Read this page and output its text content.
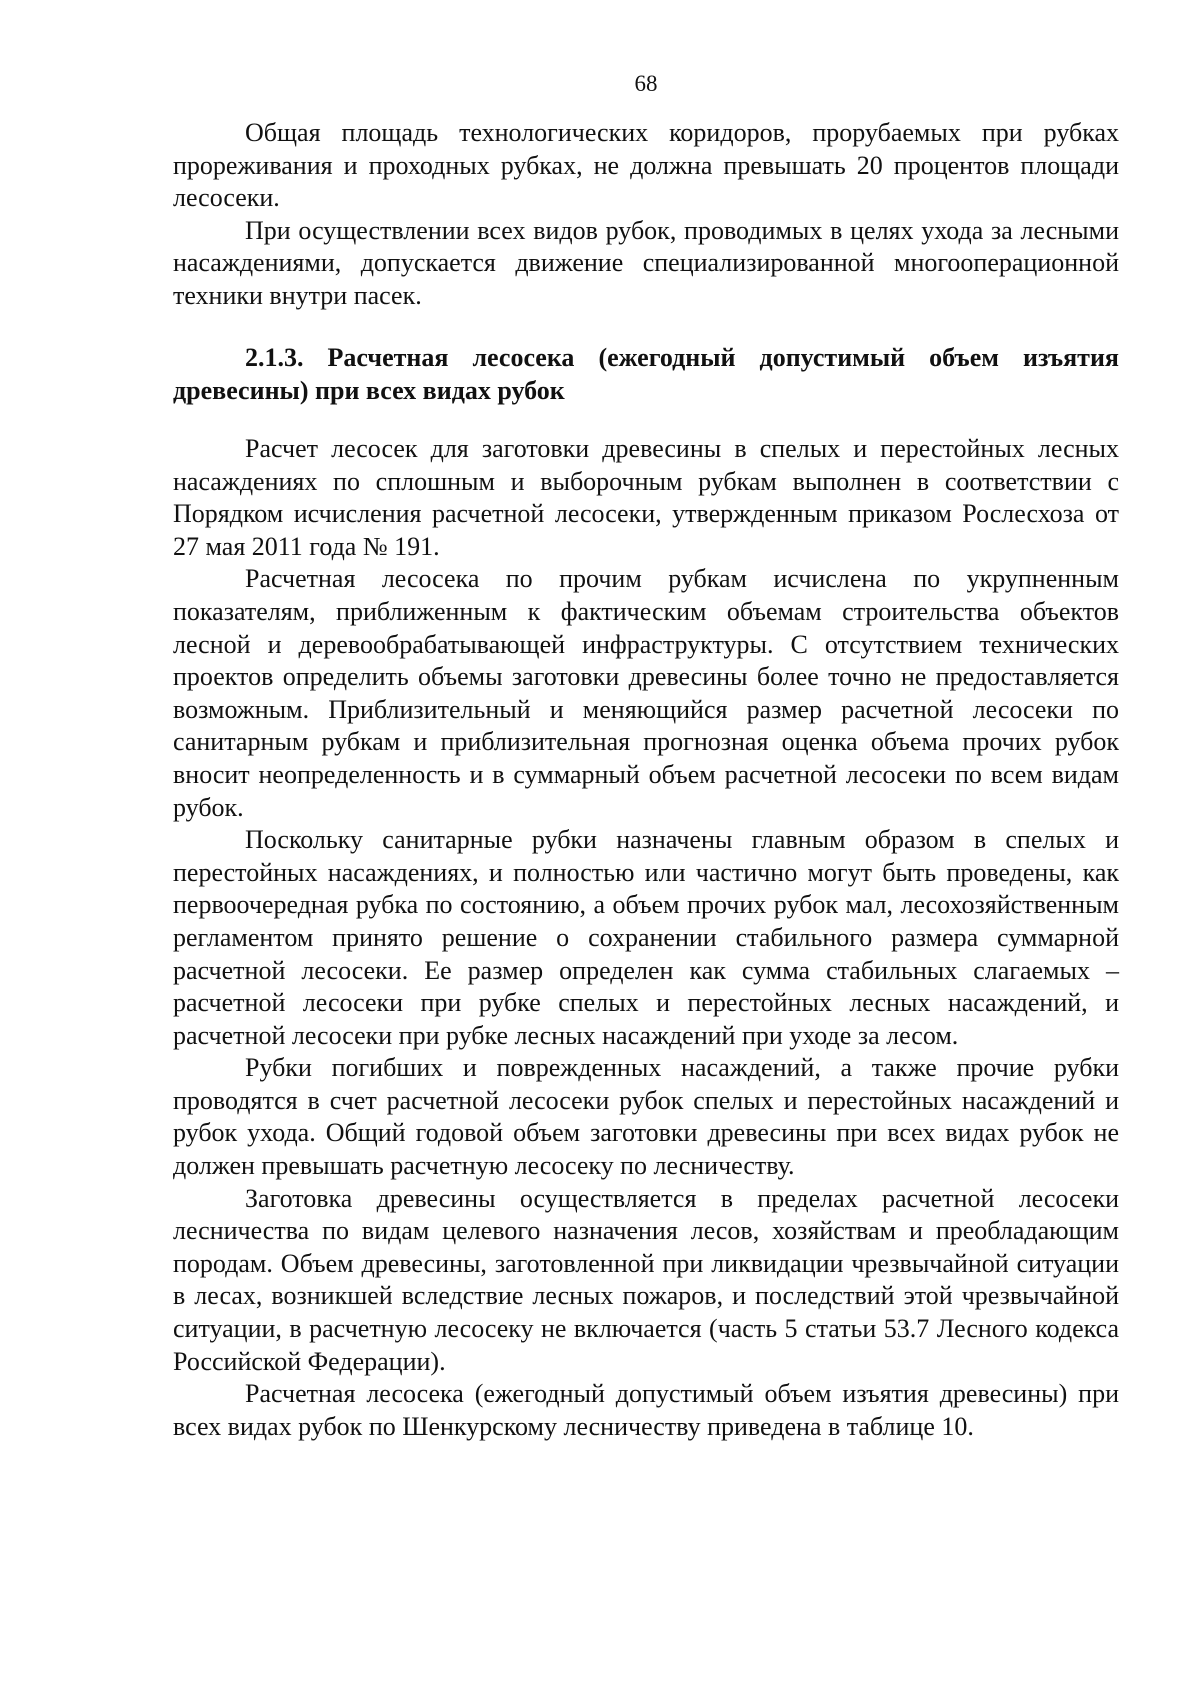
68

Общая площадь технологических коридоров, прорубаемых при рубках прореживания и проходных рубках, не должна превышать 20 процентов площади лесосеки.

При осуществлении всех видов рубок, проводимых в целях ухода за лесными насаждениями, допускается движение специализированной многооперационной техники внутри пасек.

2.1.3. Расчетная лесосека (ежегодный допустимый объем изъятия древесины) при всех видах рубок

Расчет лесосек для заготовки древесины в спелых и перестойных лесных насаждениях по сплошным и выборочным рубкам выполнен в соответствии с Порядком исчисления расчетной лесосеки, утвержденным приказом Рослесхоза от 27 мая 2011 года № 191.

Расчетная лесосека по прочим рубкам исчислена по укрупненным показателям, приближенным к фактическим объемам строительства объектов лесной и деревообрабатывающей инфраструктуры. С отсутствием технических проектов определить объемы заготовки древесины более точно не предоставляется возможным. Приблизительный и меняющийся размер расчетной лесосеки по санитарным рубкам и приблизительная прогнозная оценка объема прочих рубок вносит неопределенность и в суммарный объем расчетной лесосеки по всем видам рубок.

Поскольку санитарные рубки назначены главным образом в спелых и перестойных насаждениях, и полностью или частично могут быть проведены, как первоочередная рубка по состоянию, а объем прочих рубок мал, лесохозяйственным регламентом принято решение о сохранении стабильного размера суммарной расчетной лесосеки. Ее размер определен как сумма стабильных слагаемых – расчетной лесосеки при рубке спелых и перестойных лесных насаждений, и расчетной лесосеки при рубке лесных насаждений при уходе за лесом.

Рубки погибших и поврежденных насаждений, а также прочие рубки проводятся в счет расчетной лесосеки рубок спелых и перестойных насаждений и рубок ухода. Общий годовой объем заготовки древесины при всех видах рубок не должен превышать расчетную лесосеку по лесничеству.

Заготовка древесины осуществляется в пределах расчетной лесосеки лесничества по видам целевого назначения лесов, хозяйствам и преобладающим породам. Объем древесины, заготовленной при ликвидации чрезвычайной ситуации в лесах, возникшей вследствие лесных пожаров, и последствий этой чрезвычайной ситуации, в расчетную лесосеку не включается (часть 5 статьи 53.7 Лесного кодекса Российской Федерации).

Расчетная лесосека (ежегодный допустимый объем изъятия древесины) при всех видах рубок по Шенкурскому лесничеству приведена в таблице 10.
